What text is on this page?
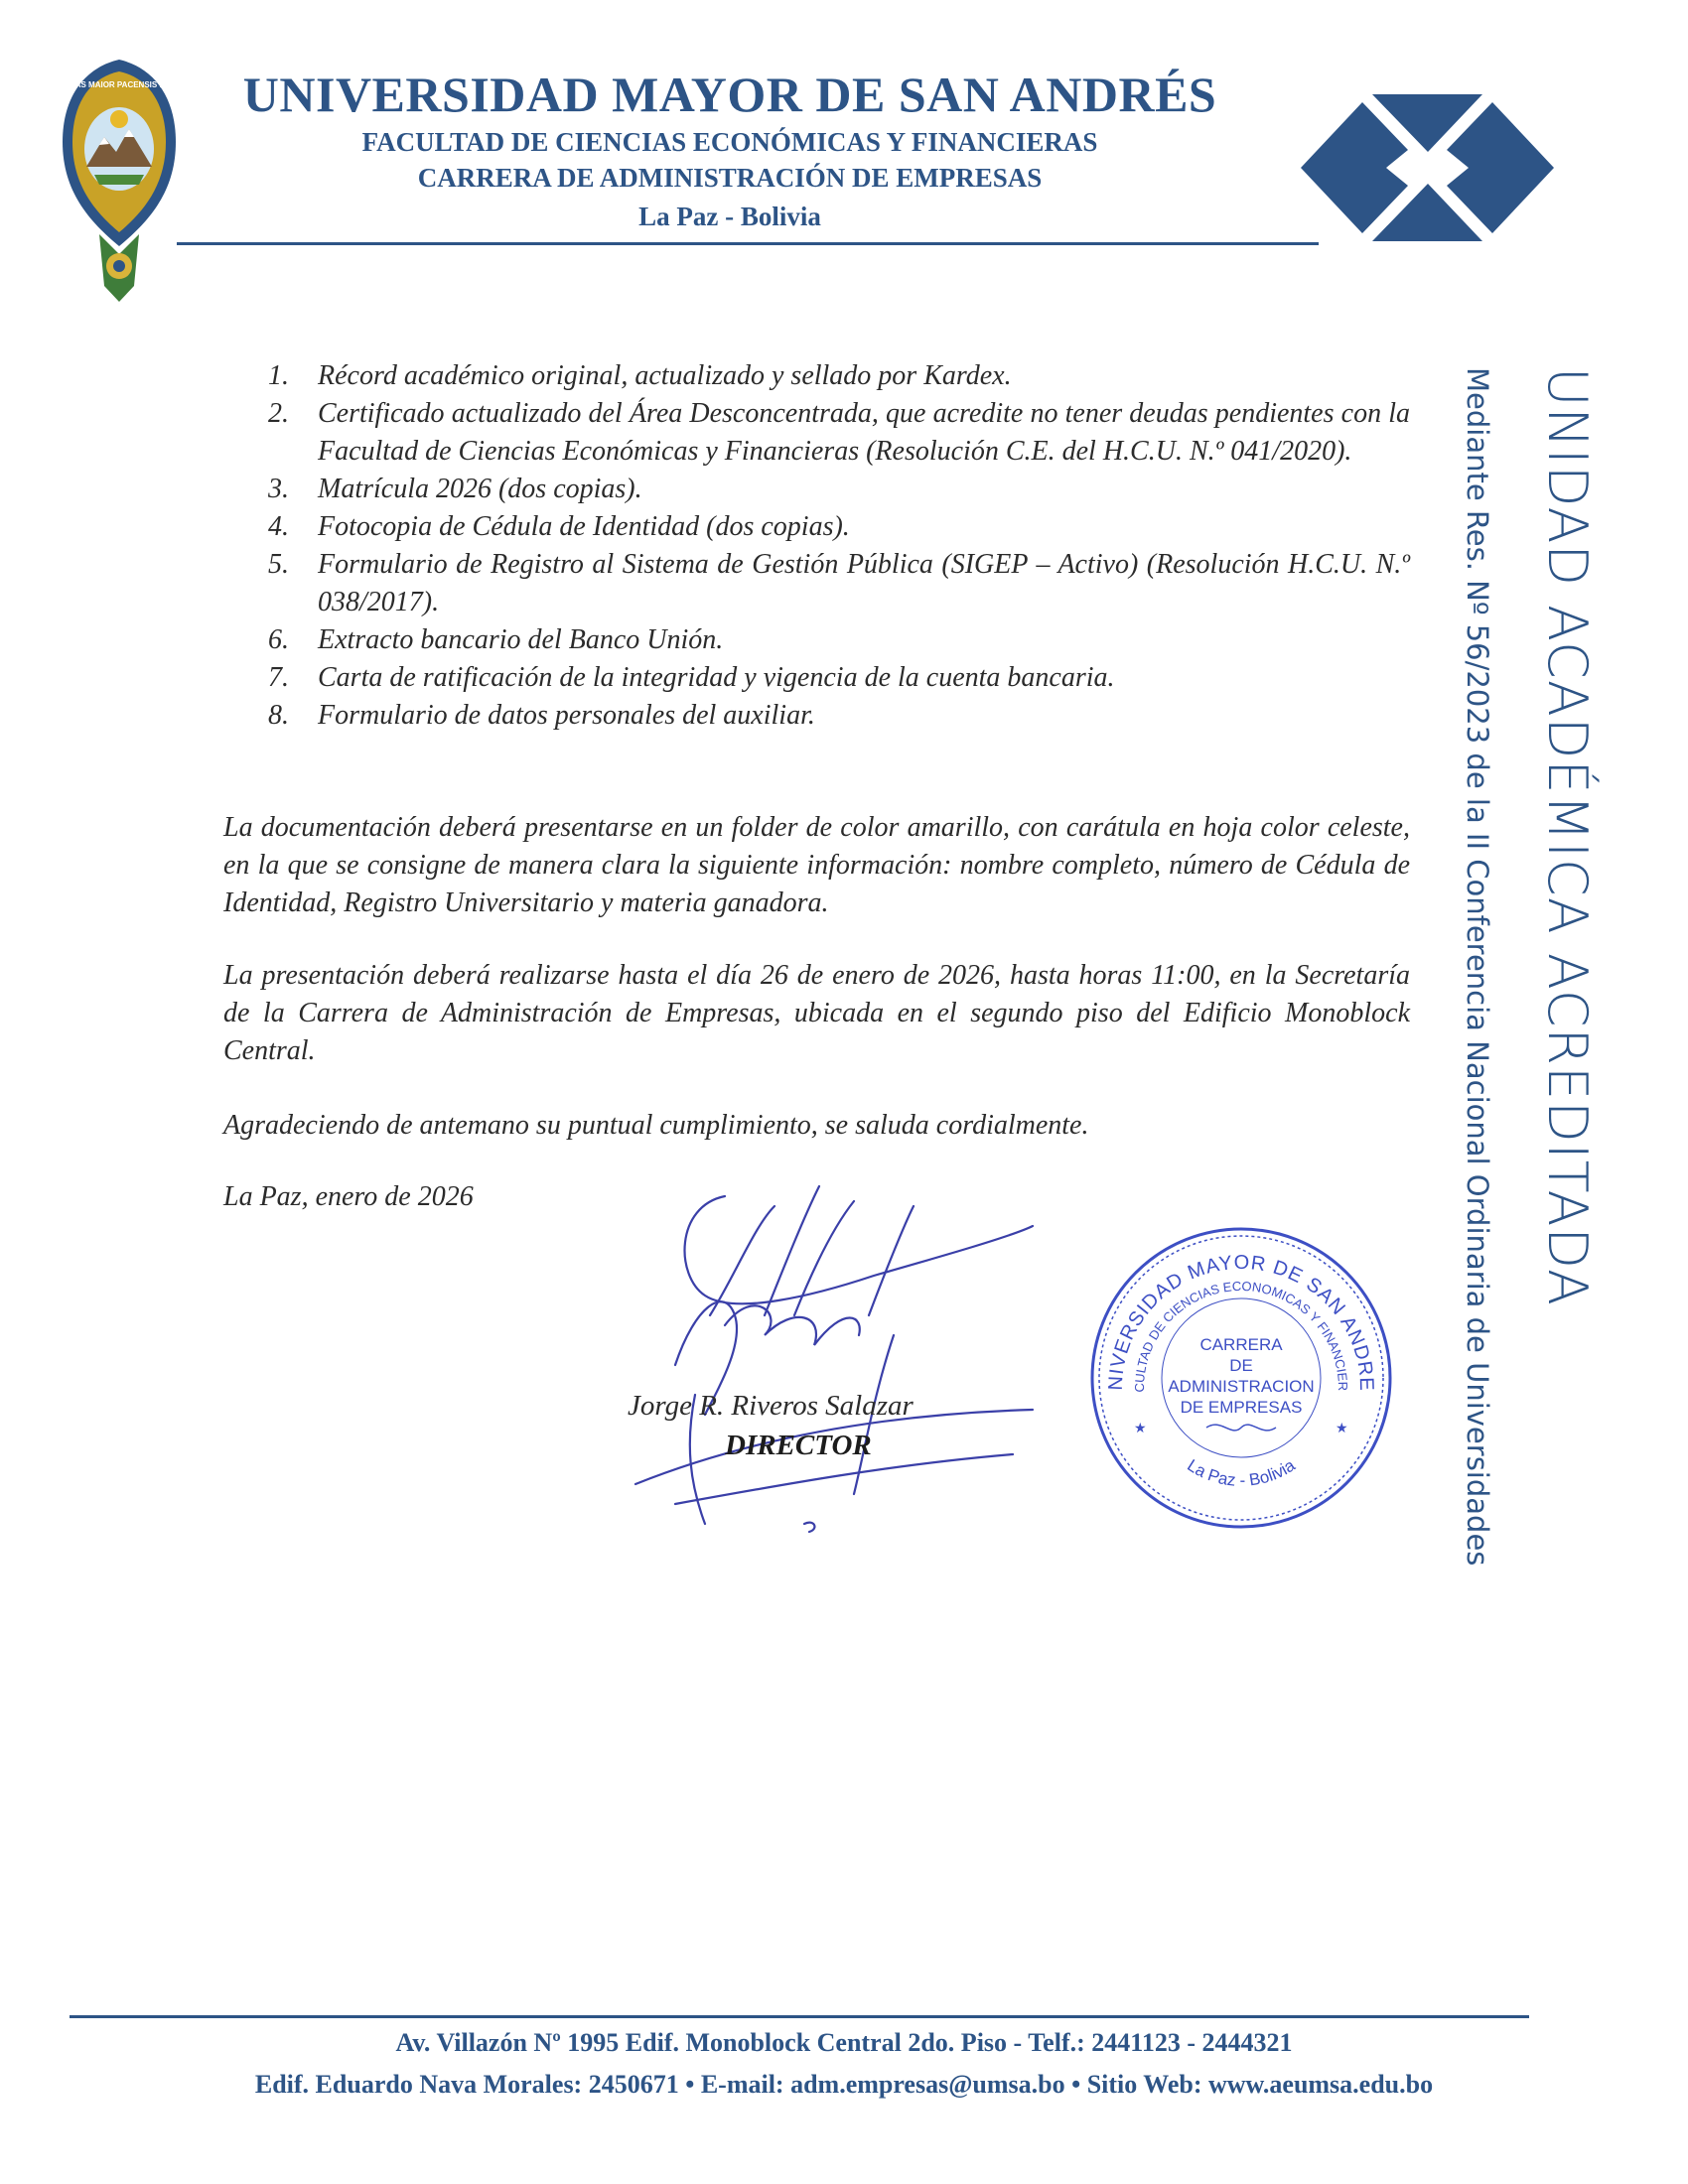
UNIVERSITAS MAIOR PACENSIS DIVI ANDRE UNIVERSIDAD MAYOR DE SAN ANDRÉS
FACULTAD DE CIENCIAS ECONÓMICAS Y FINANCIERAS
CARRERA DE ADMINISTRACIÓN DE EMPRESAS
La Paz - Bolivia
1. Récord académico original, actualizado y sellado por Kardex.
2. Certificado actualizado del Área Desconcentrada, que acredite no tener deudas pendientes con la Facultad de Ciencias Económicas y Financieras (Resolución C.E. del H.C.U. N.º 041/2020).
3. Matrícula 2026 (dos copias).
4. Fotocopia de Cédula de Identidad (dos copias).
5. Formulario de Registro al Sistema de Gestión Pública (SIGEP – Activo) (Resolución H.C.U. N.º 038/2017).
6. Extracto bancario del Banco Unión.
7. Carta de ratificación de la integridad y vigencia de la cuenta bancaria.
8. Formulario de datos personales del auxiliar.
La documentación deberá presentarse en un folder de color amarillo, con carátula en hoja color celeste, en la que se consigne de manera clara la siguiente información: nombre completo, número de Cédula de Identidad, Registro Universitario y materia ganadora.
La presentación deberá realizarse hasta el día 26 de enero de 2026, hasta horas 11:00, en la Secretaría de la Carrera de Administración de Empresas, ubicada en el segundo piso del Edificio Monoblock Central.
Agradeciendo de antemano su puntual cumplimiento, se saluda cordialmente.
La Paz, enero de 2026
Jorge R. Riveros Salazar
DIRECTOR
NIVERSIDAD MAYOR DE SAN ANDRE
CULTAD DE CIENCIAS ECONOMICAS Y FINANCIER
CARRERA
DE
ADMINISTRACION
DE EMPRESAS
La Paz - Bolivia
★	★
UNIDAD ACADÉMICA ACREDITADA
Mediante Res. Nº 56/2023 de la II Conferencia Nacional Ordinaria de Universidades
Av. Villazón Nº 1995 Edif. Monoblock Central 2do. Piso - Telf.: 2441123 - 2444321
Edif. Eduardo Nava Morales: 2450671 • E-mail: adm.empresas@umsa.bo • Sitio Web: www.aeumsa.edu.bo
